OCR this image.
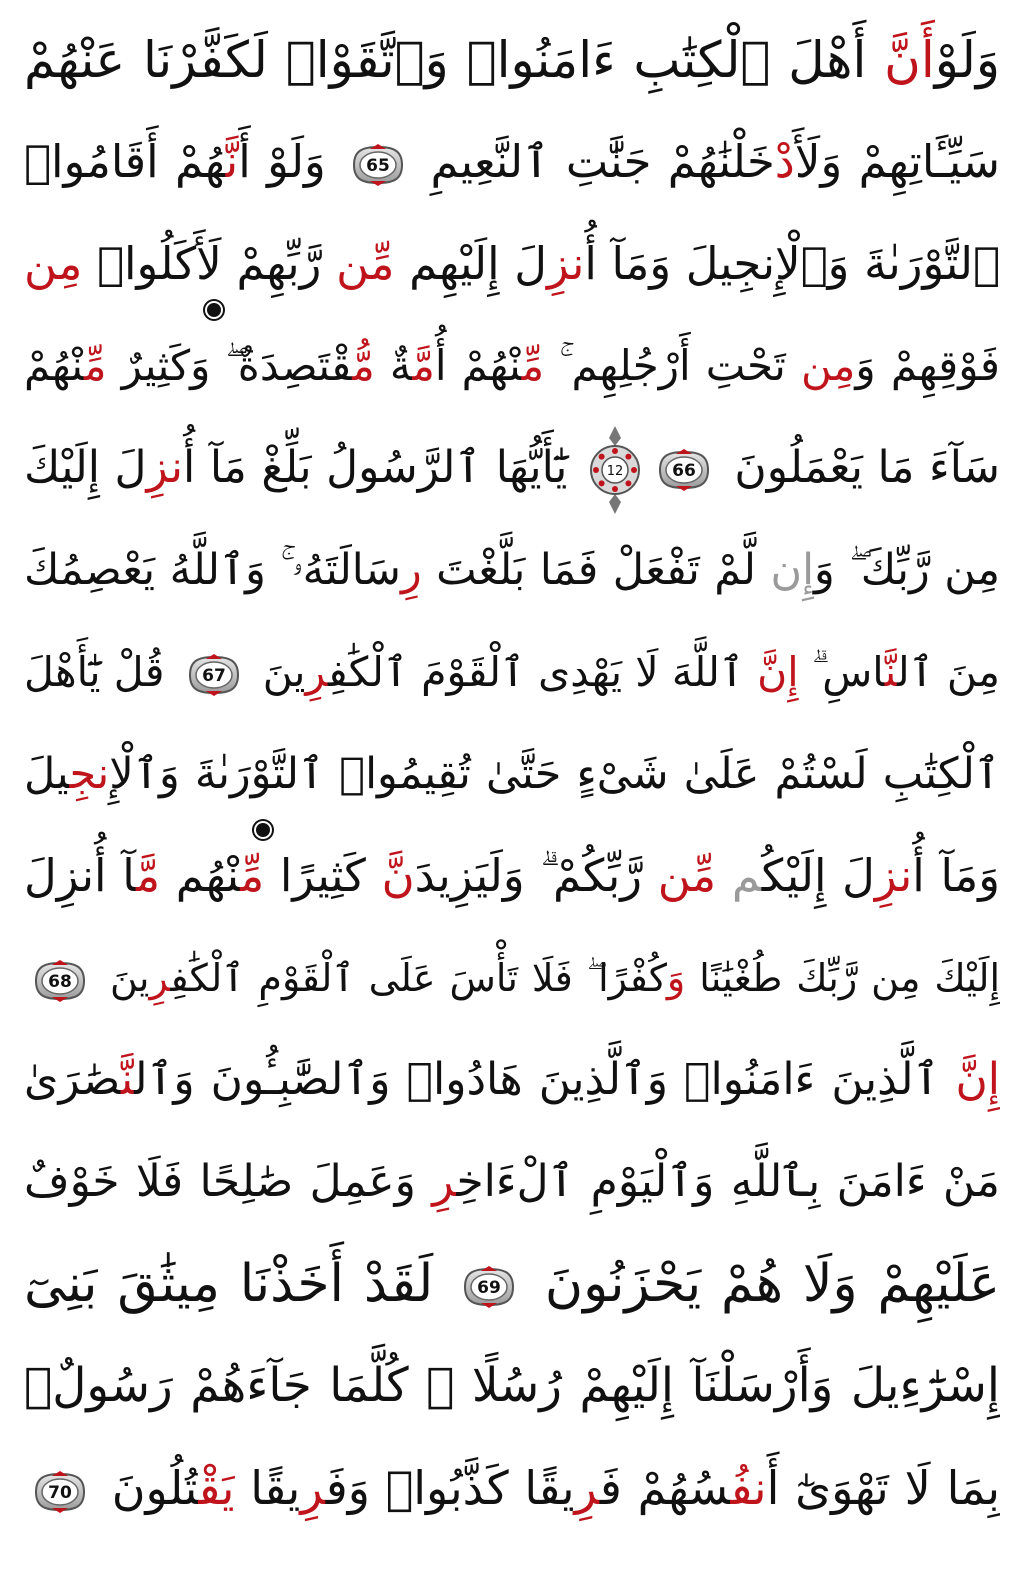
وَلَوْأَنَّ أَهْلَ ٱلْكِتَٰبِ ءَامَنُوا۟ وَٱتَّقَوْا۟ لَكَفَّرْنَا عَنْهُمْ
سَيِّـَٔاتِهِمْ وَلَأَدْخَلْنَٰهُمْ جَنَّٰتِ ٱلنَّعِيمِ
65
وَلَوْ أَنَّهُمْ أَقَامُوا۟
ٱلتَّوْرَىٰةَ وَٱلْإِنجِيلَ وَمَآ أُنزِلَ إِلَيْهِم مِّن رَّبِّهِمْ لَأَكَلُوا۟ مِن
فَوْقِهِمْ وَمِن تَحْتِ أَرْجُلِهِم ۚ مِّنْهُمْ أُمَّةٌ مُّقْتَصِدَةٌ ۖ وَكَثِيرٌ مِّنْهُمْ
سَآءَ مَا يَعْمَلُونَ
66
12
يَٰٓأَيُّهَا ٱلرَّسُولُ بَلِّغْ مَآ أُنزِلَ إِلَيْكَ
مِن رَّبِّكَ ۖ وَإِن لَّمْ تَفْعَلْ فَمَا بَلَّغْتَ رِسَالَتَهُۥ ۚ وَٱللَّهُ يَعْصِمُكَ
مِنَ ٱلنَّاسِ ۗ إِنَّ ٱللَّهَ لَا يَهْدِى ٱلْقَوْمَ ٱلْكَٰفِرِينَ
67
قُلْ يَٰٓأَهْلَ
ٱلْكِتَٰبِ لَسْتُمْ عَلَىٰ شَىْءٍ حَتَّىٰ تُقِيمُوا۟ ٱلتَّوْرَىٰةَ وَٱلْإِنجِيلَ
وَمَآ أُنزِلَ إِلَيْكُم مِّن رَّبِّكُمْ ۗ وَلَيَزِيدَنَّ كَثِيرًا مِّنْهُم مَّآ أُنزِلَ
إِلَيْكَ مِن رَّبِّكَ طُغْيَٰنًا وَكُفْرًا ۖ فَلَا تَأْسَ عَلَى ٱلْقَوْمِ ٱلْكَٰفِرِينَ
68
إِنَّ ٱلَّذِينَ ءَامَنُوا۟ وَٱلَّذِينَ هَادُوا۟ وَٱلصَّٰبِـُٔونَ وَٱلنَّصَٰرَىٰ
مَنْ ءَامَنَ بِٱللَّهِ وَٱلْيَوْمِ ٱلْءَاخِرِ وَعَمِلَ صَٰلِحًا فَلَا خَوْفٌ
عَلَيْهِمْ وَلَا هُمْ يَحْزَنُونَ
69
لَقَدْ أَخَذْنَا مِيثَٰقَ بَنِىٓ
إِسْرَٰٓءِيلَ وَأَرْسَلْنَآ إِلَيْهِمْ رُسُلًا ۖ كُلَّمَا جَآءَهُمْ رَسُولٌۢ
بِمَا لَا تَهْوَىٰٓ أَنفُسُهُمْ فَرِيقًا كَذَّبُوا۟ وَفَرِيقًا يَقْتُلُونَ
70
